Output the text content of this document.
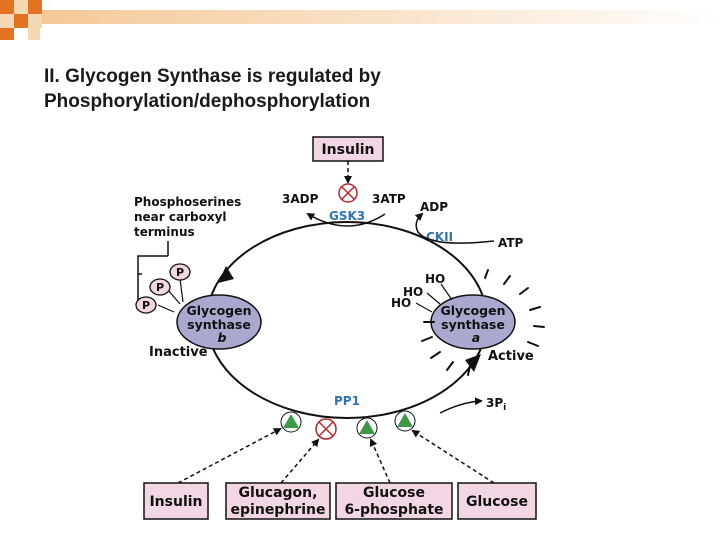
II. Glycogen Synthase is regulated by
Phosphorylation/dephosphorylation
Insulin
3ADP	3ATP
GSK3
ADP
CKII	ATP
Phosphoserines
near carboxyl
terminus
P
P
P	Glycogen
synthase
b
Inactive
Glycogen
synthase
a
Active
HO
HO
HO
PP1	$3P_i$
Insulin
Glucagon,
epinephrine
Glucose
6-phosphate Glucose
